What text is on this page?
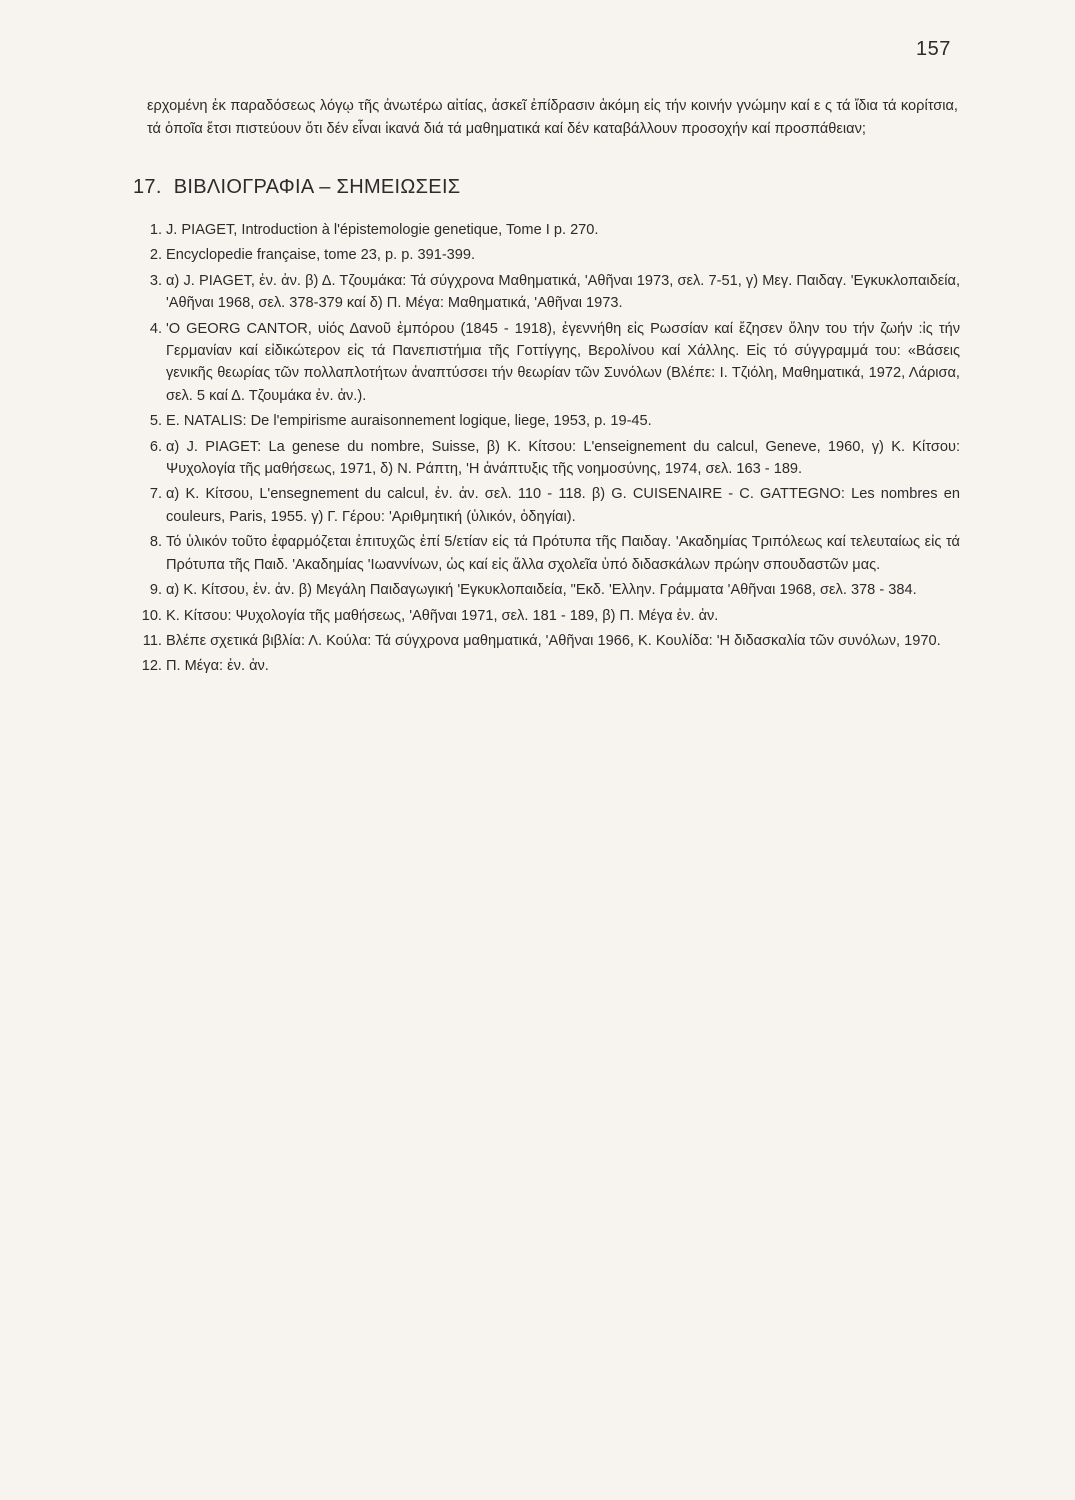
157

ερχομένη ἐκ παραδόσεως λόγῳ τῆς ἀνωτέρω αἰτίας, ἀσκεῖ ἐπίδρασιν ἀκόμη εἰς τήν κοινήν γνώμην καί ε ς τά ἴδια τά κορίτσια, τά ὁποῖα ἔτσι πιστεύουν ὅτι δέν εἶναι ἱκανά διά τά μαθηματικά καί δέν καταβάλλουν προσοχήν καί προσπάθειαν;

17. ΒΙΒΛΙΟΓΡΑΦΙΑ – ΣΗΜΕΙΩΣΕΙΣ
1. J. PIAGET, Introduction à l'épistemologie genetique, Tome I p. 270.
2. Encyclopedie française, tome 23, p. p. 391-399.
3. α) J. PIAGET, ἐν. ἀν. β) Δ. Τζουμάκα: Τά σύγχρονα Μαθηματικά, 'Αθῆναι 1973, σελ. 7-51, γ) Μεγ. Παιδαγ. 'Εγκυκλοπαιδεία, 'Αθῆναι 1968, σελ. 378-379 καί δ) Π. Μέγα: Μαθηματικά, 'Αθῆναι 1973.
4. 'Ο GEORG CANTOR, υἱός Δανοῦ ἐμπόρου (1845 - 1918), ἐγεννήθη εἰς Ρωσσίαν καί ἔζησεν ὅλην του τήν ζωήν :ἰς τήν Γερμανίαν καί εἰδικώτερον εἰς τά Πανεπιστήμια τῆς Γοττίγγης, Βερολίνου καί Χάλλης. Εἰς τό σύγγραμμά του: «Βάσεις γενικῆς θεωρίας τῶν πολλαπλοτήτων ἀναπτύσσει τήν θεωρίαν τῶν Συνόλων (Βλέπε: Ι. Τζιόλη, Μαθηματικά, 1972, Λάρισα, σελ. 5 καί Δ. Τζουμάκα ἐν. ἀν.).
5. E. NATALIS: De l'empirisme auraisonnement logique, liege, 1953, p. 19-45.
6. α) J. PIAGET: La genese du nombre, Suisse, β) Κ. Κίτσου: L'enseignement du calcul, Geneve, 1960, γ) Κ. Κίτσου: Ψυχολογία τῆς μαθήσεως, 1971, δ) Ν. Ράπτη, 'Η ἀνάπτυξις τῆς νοημοσύνης, 1974, σελ. 163 - 189.
7. α) Κ. Κίτσου, L'ensegnement du calcul, ἐν. ἀν. σελ. 110 - 118. β) G. CUISENAIRE - C. GATTEGNO: Les nombres en couleurs, Paris, 1955. γ) Γ. Γέρου: 'Αριθμητική (ὑλικόν, ὁδηγίαι).
8. Τό ὑλικόν τοῦτο ἐφαρμόζεται ἐπιτυχῶς ἐπί 5/ετίαν εἰς τά Πρότυπα τῆς Παιδαγ. 'Ακαδημίας Τριπόλεως καί τελευταίως εἰς τά Πρότυπα τῆς Παιδ. 'Ακαδημίας 'Ιωαννίνων, ὡς καί εἰς ἄλλα σχολεῖα ὑπό διδασκάλων πρώην σπουδαστῶν μας.
9. α) Κ. Κίτσου, ἐν. ἀν. β) Μεγάλη Παιδαγωγική 'Εγκυκλοπαιδεία, "Εκδ. 'Ελλην. Γράμματα 'Αθῆναι 1968, σελ. 378 - 384.
10. Κ. Κίτσου: Ψυχολογία τῆς μαθήσεως, 'Αθῆναι 1971, σελ. 181 - 189, β) Π. Μέγα ἐν. ἀν.
11. Βλέπε σχετικά βιβλία: Λ. Κούλα: Τά σύγχρονα μαθηματικά, 'Αθῆναι 1966, Κ. Κουλίδα: 'Η διδασκαλία τῶν συνόλων, 1970.
12. Π. Μέγα: ἐν. ἀν.
